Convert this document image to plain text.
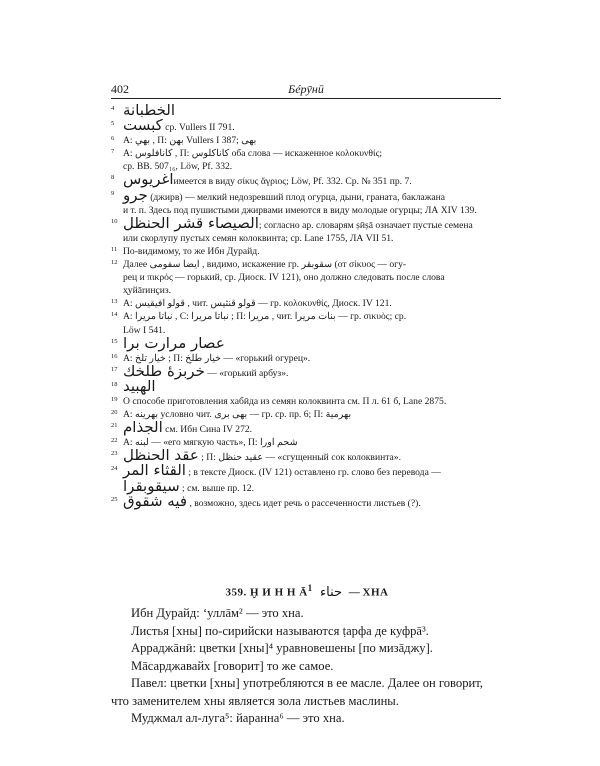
402	Бéрӯнӣ

4 الخطبانة

5 كبست ср. Vullers II 791.

6 A: بهي , П: بهن Vullers I 387; بهى

7 A: كانافلوس , П: كاناكلوس оба слова — искаженное κολοκυνθίς;

ср. BB. 507₁₆, Löw, Pf. 332.

8 اغريوسимеется в виду σίκυς ἄγριος; Löw, Pf. 332. Ср. № 351 пр. 7.

9 جرو (джирв) — мелкий недозревший плод огурца, дыни, граната, баклажана

и т. п. Здесь под пушистыми джирвами имеются в виду молодые огурцы; ЛА XIV 139.

10 الصيصاء قشر الحنظل; согласно ар. словарям ṣӣṣā означает пустые семена

или скорлупу пустых семян колоквинта; ср. Lane 1755, ЛА VII 51.

11 По-видимому, то же Ибн Дурайд.

12 Далее ايضا سفومى , видимо, искажение гр. سقوبقر (от σίκυος — огу-

рец и πικρός — горький, ср. Диоск. IV 121), оно должно следовать после слова

ҳуйārинҫиз.

13 A: قولو افيقيس , чит. قولو قنثيس — гр. κολοκυνθίς, Диоск. IV 121.

14 A: نباتا مريرا , C: نباتا مريرا ; П: مريرا , чит. بنات مريرا — гр. σικυὸς; ср.

Löw I 541.

15 عصار مرارت برا

16 A: خيار تلخ ; П: خيار طلخ — «горький огурец».

17 خربزهٔ طلخك — «горький арбуз».

18 الهبيد

19 О способе приготовления хабӣда из семян колоквинта см. П л. 61 б, Lane 2875.

20 A: بهرينه условно чит. بهى برى — гр. ср. пр. 6; П: بهرمية

21 الجذام см. Ибн Сина IV 272.

22 A: لبنه — «его мягкую часть», П: شحم اورا

23 عقد الحنظل ; П: عقيد حنظل — «сгущенный сок колоквинта».

24 القثاء المر ; в тексте Диоск. (IV 121) оставлено гр. слово без перевода —

سيقوبقرا ; см. выше пр. 12.

25 فيه شقوق , возможно, здесь идет речь о рассеченности листьев (?).

359. Ḫ И Н Н $Ā^1$ حناء — ХНА

Ибн Дурайд: ʻуллāм² — это хна.

Листья [хны] по-сирийски называются ṭарфа де куфрā³.

Арраджāнӣ: цветки [хны]⁴ уравновешены [по мизāджу].

Мāсарджавайх [говорит] то же самое.

Павел: цветки [хны] употребляются в ее масле. Далее он говорит,

что заменителем хны является зола листьев маслины.

Муджмал ал-луга⁵: йаранна⁶ — это хна.
